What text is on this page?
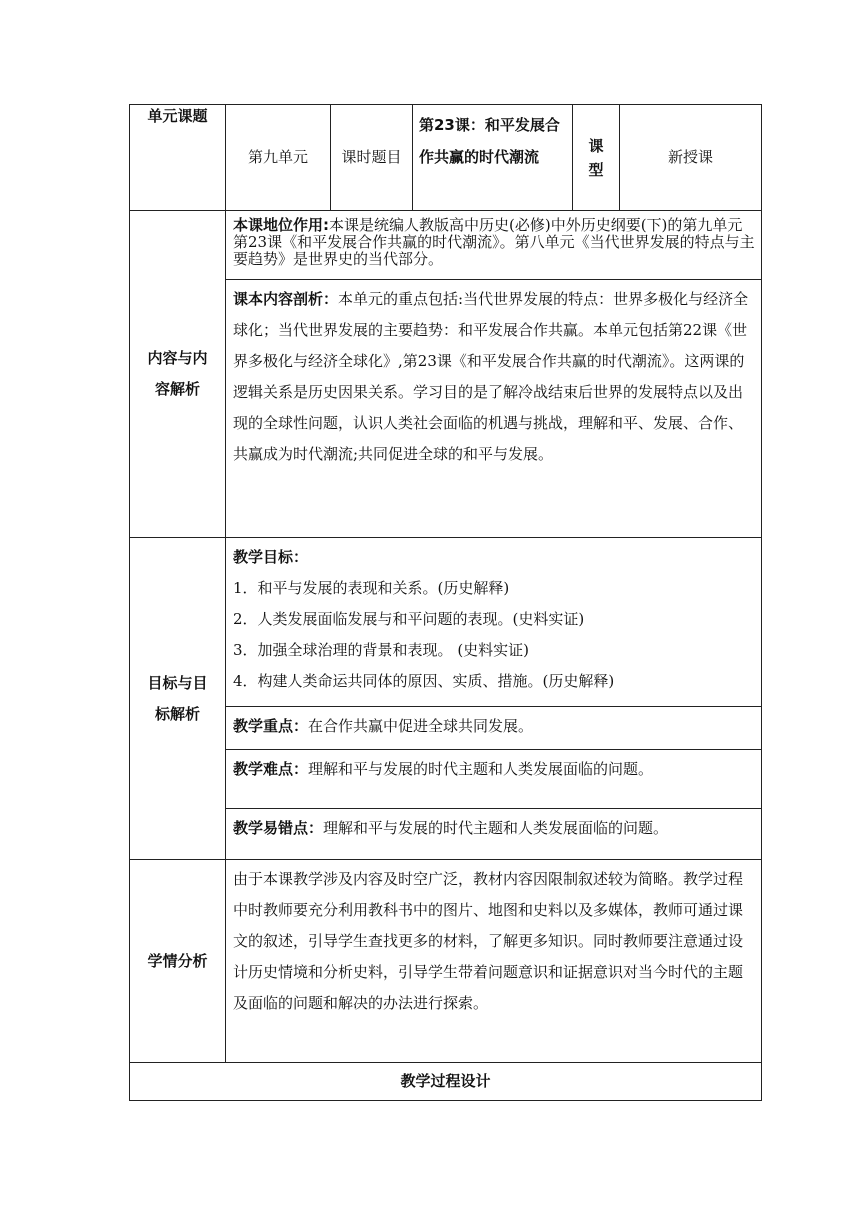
单元课题	第九单元	课时题目	第23课：和平发展合作共赢的时代潮流	课型	新授课
内容与内容解析	本课地位作用:本课是统编人教版高中历史(必修)中外历史纲要(下)的第九单元第23课《和平发展合作共赢的时代潮流》。第八单元《当代世界发展的特点与主要趋势》是世界史的当代部分。				
	课本内容剖析：本单元的重点包括:当代世界发展的特点：世界多极化与经济全球化；当代世界发展的主要趋势：和平发展合作共赢。本单元包括第22课《世界多极化与经济全球化》,第23课《和平发展合作共赢的时代潮流》。这两课的逻辑关系是历史因果关系。学习目的是了解冷战结束后世界的发展特点以及出现的全球性问题，认识人类社会面临的机遇与挑战，理解和平、发展、合作、共赢成为时代潮流;共同促进全球的和平与发展。				
目标与目标解析	教学目标：
1．和平与发展的表现和关系。(历史解释)
2．人类发展面临发展与和平问题的表现。(史料实证)
3．加强全球治理的背景和表现。 (史料实证)
4．构建人类命运共同体的原因、实质、措施。(历史解释)				

	教学重点：在合作共赢中促进全球共同发展。				
	教学难点：理解和平与发展的时代主题和人类发展面临的问题。				
	教学易错点：理解和平与发展的时代主题和人类发展面临的问题。				
学情分析	由于本课教学涉及内容及时空广泛，教材内容因限制叙述较为简略。教学过程中时教师要充分利用教科书中的图片、地图和史料以及多媒体，教师可通过课文的叙述，引导学生查找更多的材料，了解更多知识。同时教师要注意通过设计历史情境和分析史料，引导学生带着问题意识和证据意识对当今时代的主题及面临的问题和解决的办法进行探索。				
教学过程设计					
